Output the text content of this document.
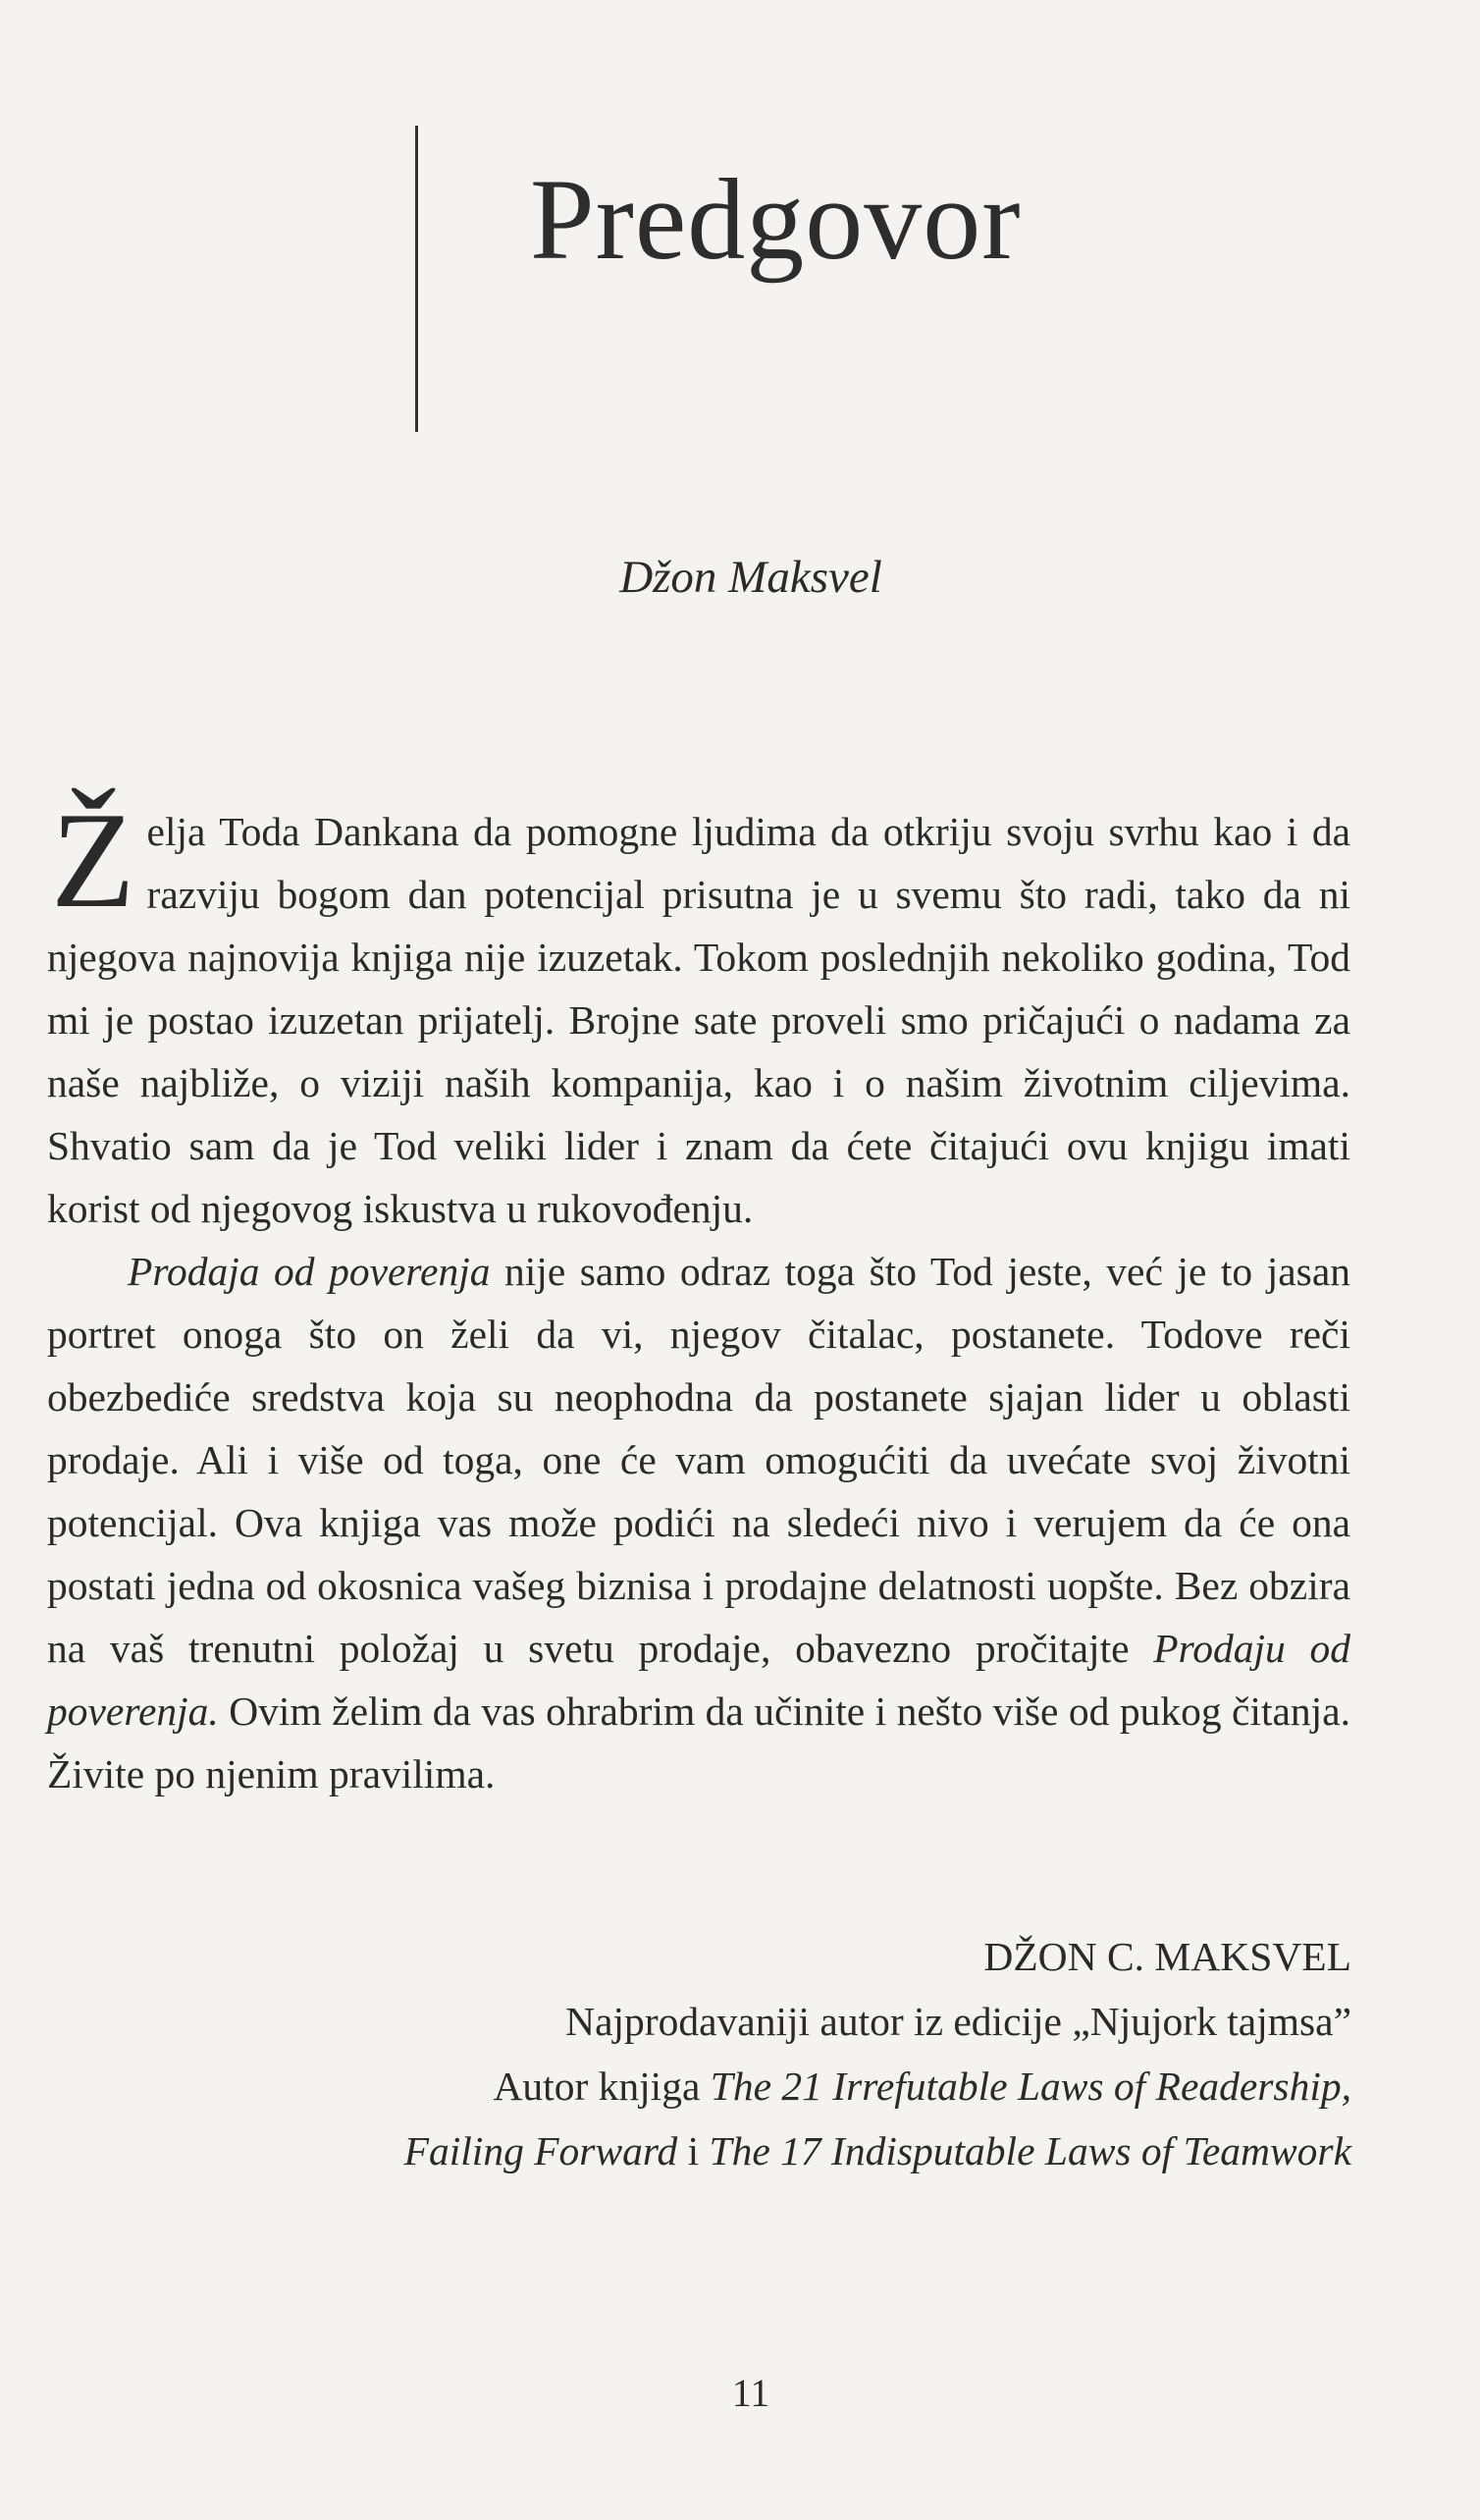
Predgovor
Džon Maksvel

Želja Toda Dankana da pomogne ljudima da otkriju svoju svrhu kao i da razviju bogom dan potencijal prisutna je u svemu što radi, tako da ni njegova najnovija knjiga nije izuzetak. Tokom poslednjih nekoliko godina, Tod mi je postao izuzetan prijatelj. Brojne sate proveli smo pričajući o nadama za naše najbliže, o viziji naših kompanija, kao i o našim životnim ciljevima. Shvatio sam da je Tod veliki lider i znam da ćete čitajući ovu knjigu imati korist od njegovog iskustva u rukovođenju.

Prodaja od poverenja nije samo odraz toga što Tod jeste, već je to jasan portret onoga što on želi da vi, njegov čitalac, postanete. Todove reči obezbediće sredstva koja su neophodna da postanete sjajan lider u oblasti prodaje. Ali i više od toga, one će vam omogućiti da uvećate svoj životni potencijal. Ova knjiga vas može podići na sledeći nivo i verujem da će ona postati jedna od okosnica vašeg biznisa i prodajne delatnosti uopšte. Bez obzira na vaš trenutni položaj u svetu prodaje, obavezno pročitajte Prodaju od poverenja. Ovim želim da vas ohrabrim da učinite i nešto više od pukog čitanja. Živite po njenim pravilima.

DŽON C. MAKSVEL
Najprodavaniji autor iz edicije „Njujork tajmsa”
Autor knjiga The 21 Irrefutable Laws of Readership,
Failing Forward i The 17 Indisputable Laws of Teamwork
11
